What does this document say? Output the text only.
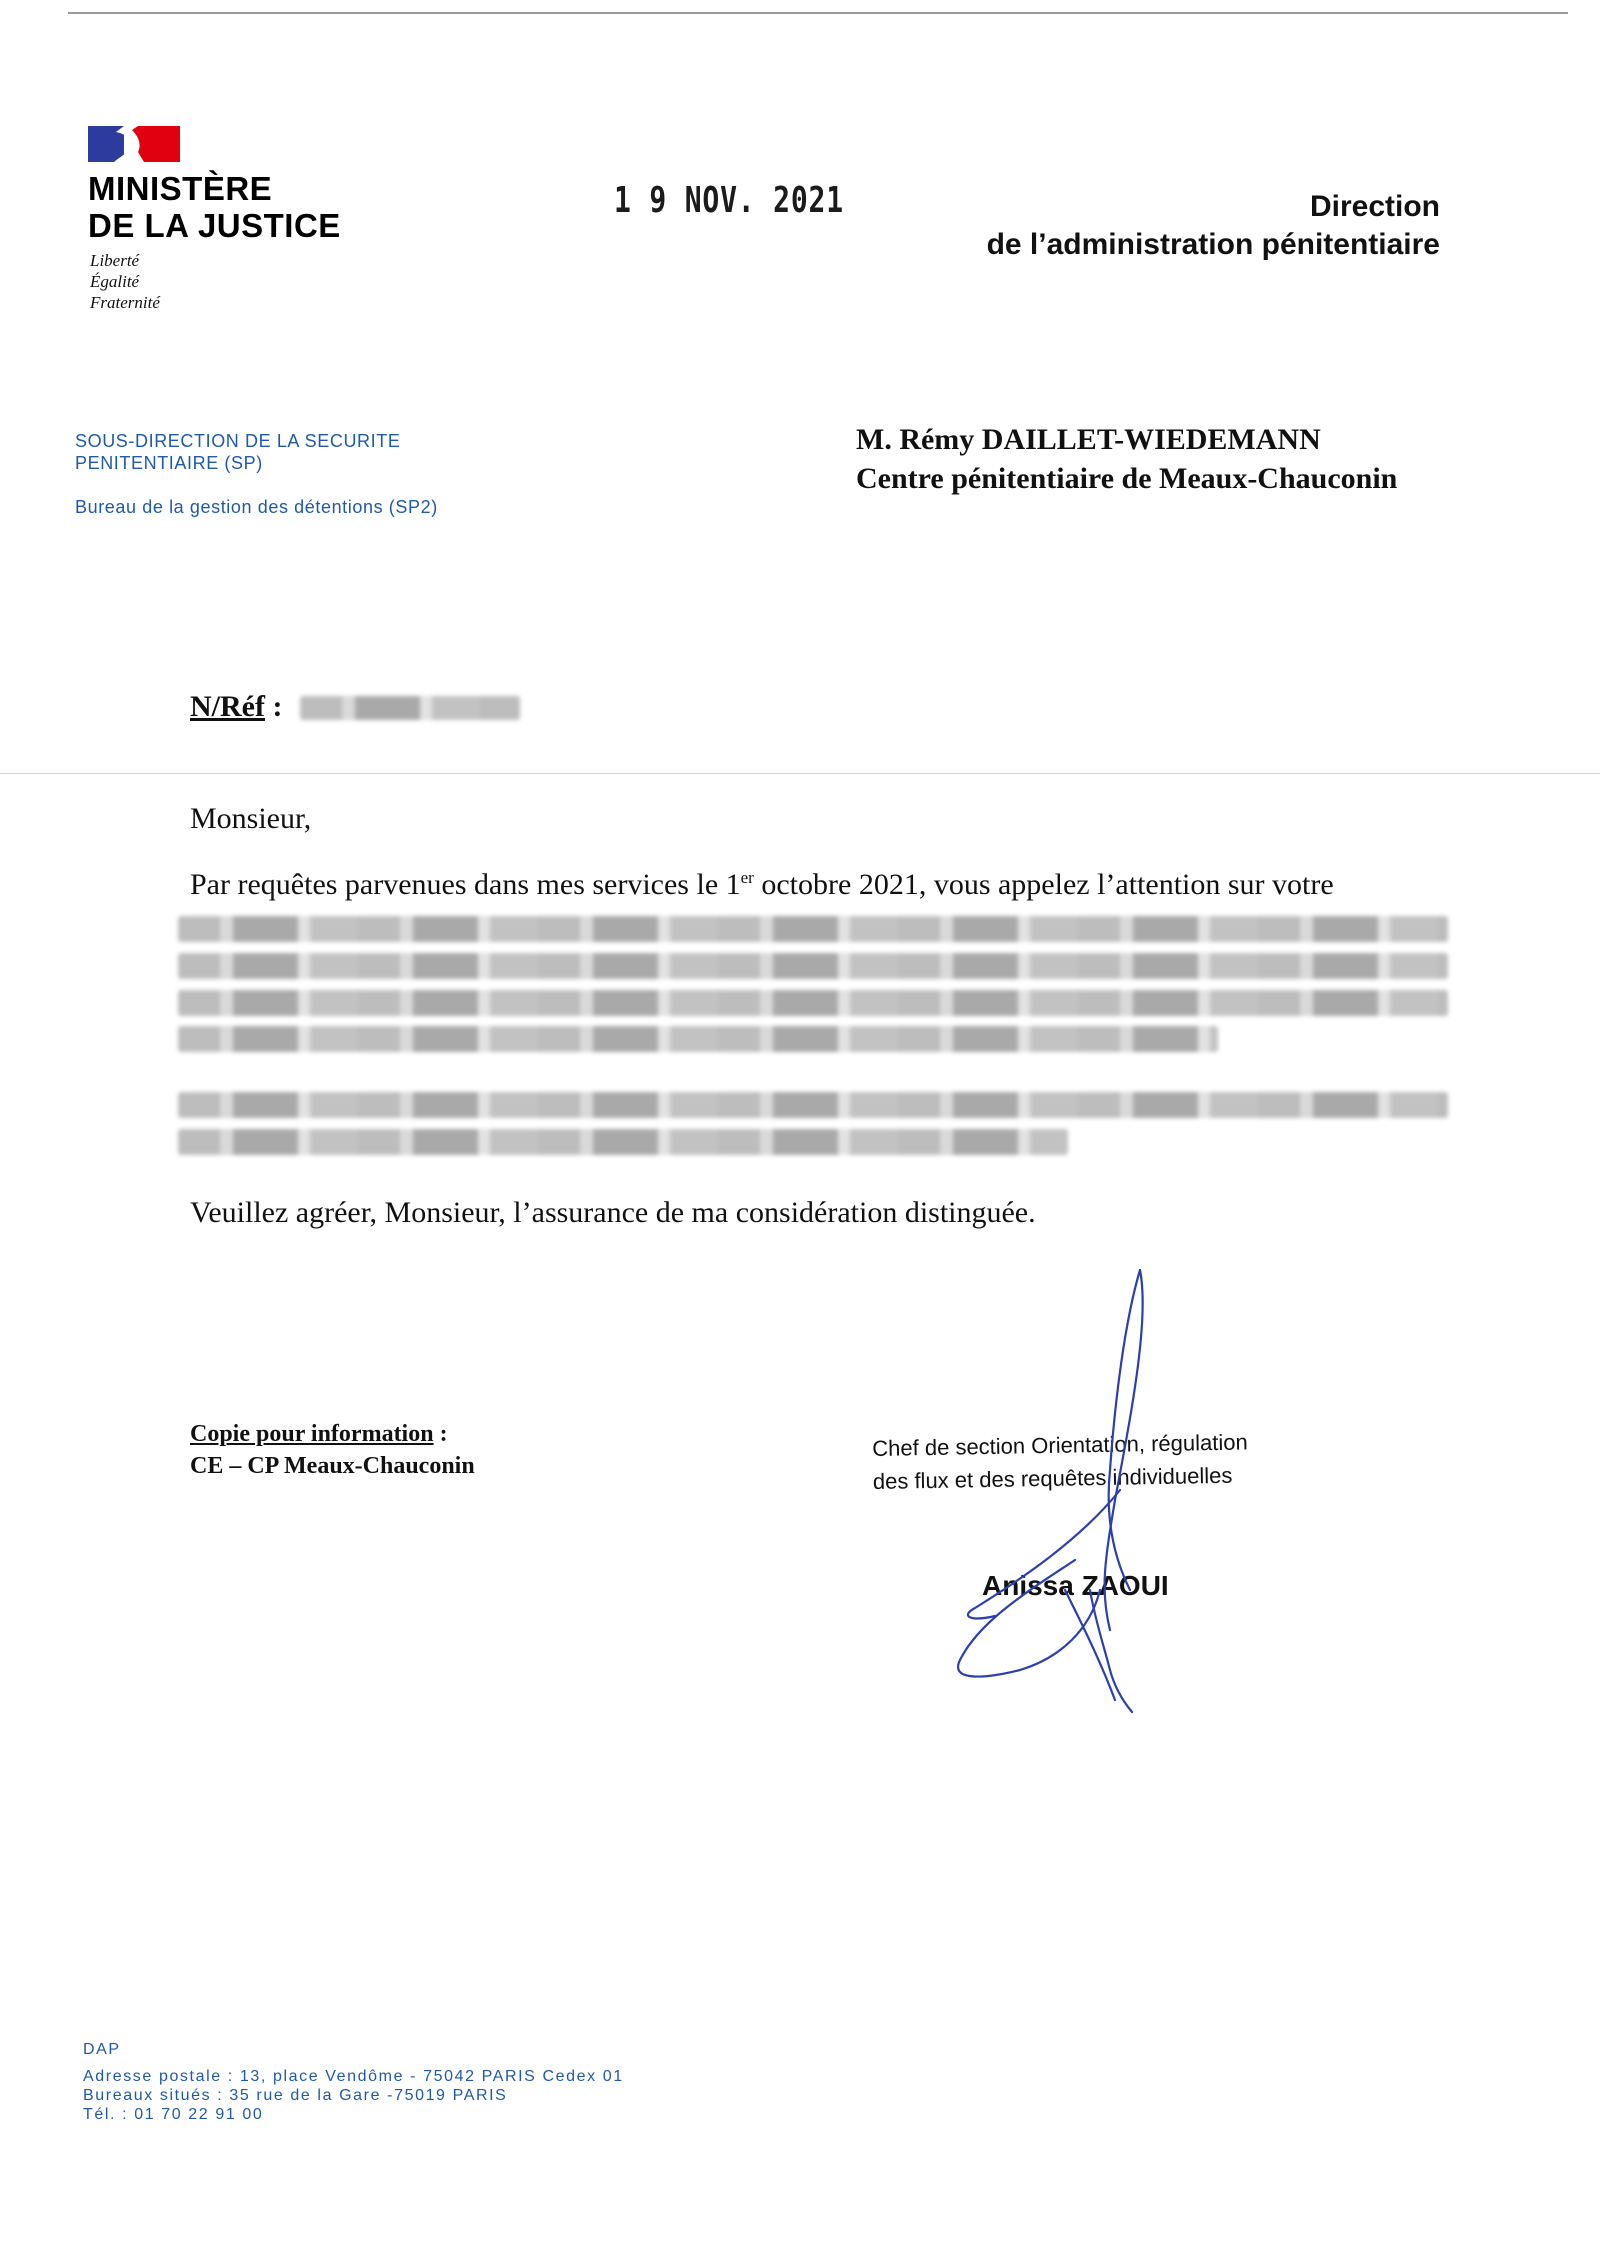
MINISTÈRE
DE LA JUSTICE
Liberté
Égalité
Fraternité
1 9 NOV. 2021	Direction
de l’administration pénitentiaire
SOUS-DIRECTION DE LA SECURITE
PENITENTIAIRE (SP)
Bureau de la gestion des détentions (SP2)
M. Rémy DAILLET-WIEDEMANN
Centre pénitentiaire de Meaux-Chauconin
N/Réf :
Monsieur,
Par requêtes parvenues dans mes services le 1er octobre 2021, vous appelez l’attention sur votre
Veuillez agréer, Monsieur, l’assurance de ma considération distinguée.
Copie pour information :
CE – CP Meaux-Chauconin
Chef de section Orientation, régulation
des flux et des requêtes individuelles
Anissa ZAOUI
DAP
Adresse postale : 13, place Vendôme - 75042 PARIS Cedex 01
Bureaux situés : 35 rue de la Gare -75019 PARIS
Tél. : 01 70 22 91 00
